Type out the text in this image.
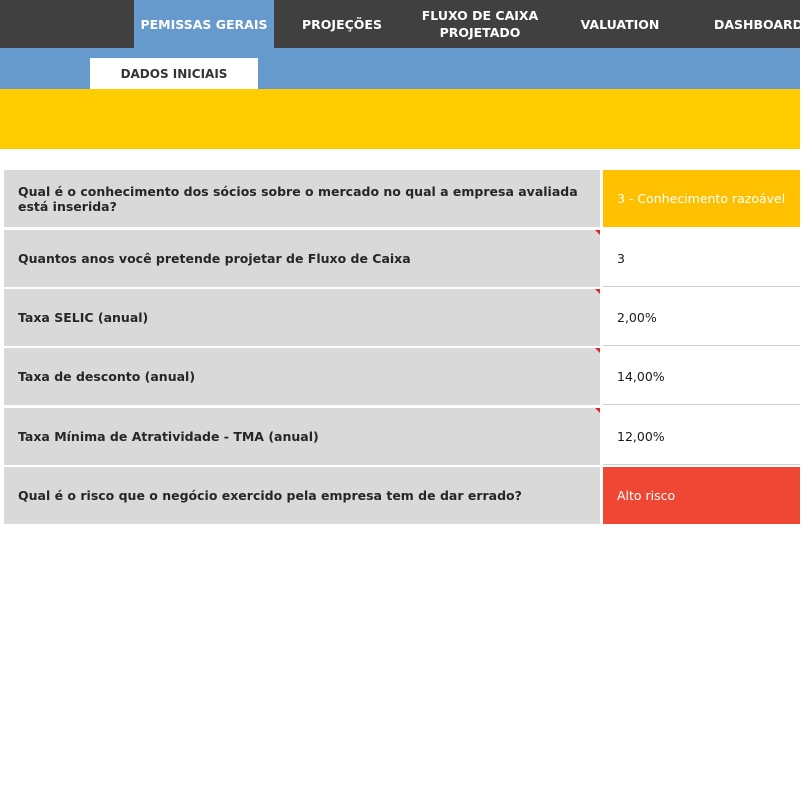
PEMISSAS GERAIS	PROJEÇÕES
FLUXO DE CAIXA
PROJETADO
VALUATION	DASHBOARDS
DADOS INICIAIS
Qual é o conhecimento dos sócios sobre o mercado no qual a empresa avaliada está inserida?	3 - Conhecimento razoável
Quantos anos você pretende projetar de Fluxo de Caixa	3
Taxa SELIC (anual)	2,00%
Taxa de desconto (anual)	14,00%
Taxa Mínima de Atratividade - TMA (anual)	12,00%
Qual é o risco que o negócio exercido pela empresa tem de dar errado?	Alto risco
